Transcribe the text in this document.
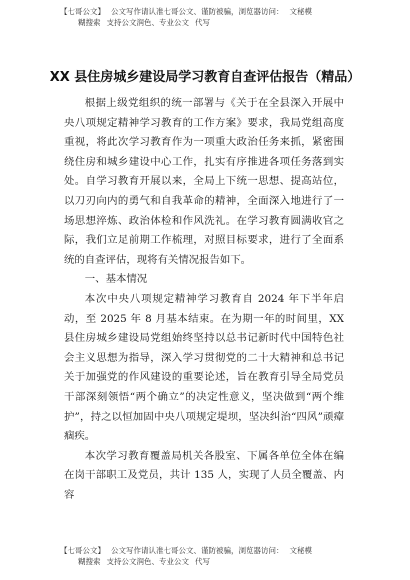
【七哥公文】 公文写作请认准七哥公文、谨防被骗，浏览器访问： 文秘模
糊搜索 支持公文润色、专业公文 代写
XX 县住房城乡建设局学习教育自查评估报告（精品）

根据上级党组织的统一部署与《关于在全县深入开展中央八项规定精神学习教育的工作方案》要求，我局党组高度重视，将此次学习教育作为一项重大政治任务来抓，紧密围绕住房和城乡建设中心工作，扎实有序推进各项任务落到实处。自学习教育开展以来，全局上下统一思想、提高站位，以刀刃向内的勇气和自我革命的精神，全面深入地进行了一场思想淬炼、政治体检和作风洗礼。在学习教育圆满收官之际，我们立足前期工作梳理，对照目标要求，进行了全面系统的自查评估，现将有关情况报告如下。

一、基本情况

本次中央八项规定精神学习教育自 2024 年下半年启动，至 2025 年 8 月基本结束。在为期一年的时间里，XX 县住房城乡建设局党组始终坚持以总书记新时代中国特色社会主义思想为指导，深入学习贯彻党的二十大精神和总书记关于加强党的作风建设的重要论述，旨在教育引导全局党员干部深刻领悟“两个确立”的决定性意义，坚决做到“两个维护”，持之以恒加固中央八项规定堤坝，坚决纠治“四风”顽瘴痼疾。

本次学习教育覆盖局机关各股室、下属各单位全体在编在岗干部职工及党员，共计 135 人，实现了人员全覆盖、内容

【七哥公文】 公文写作请认准七哥公文、谨防被骗，浏览器访问： 文秘模
糊搜索 支持公文润色、专业公文 代写
